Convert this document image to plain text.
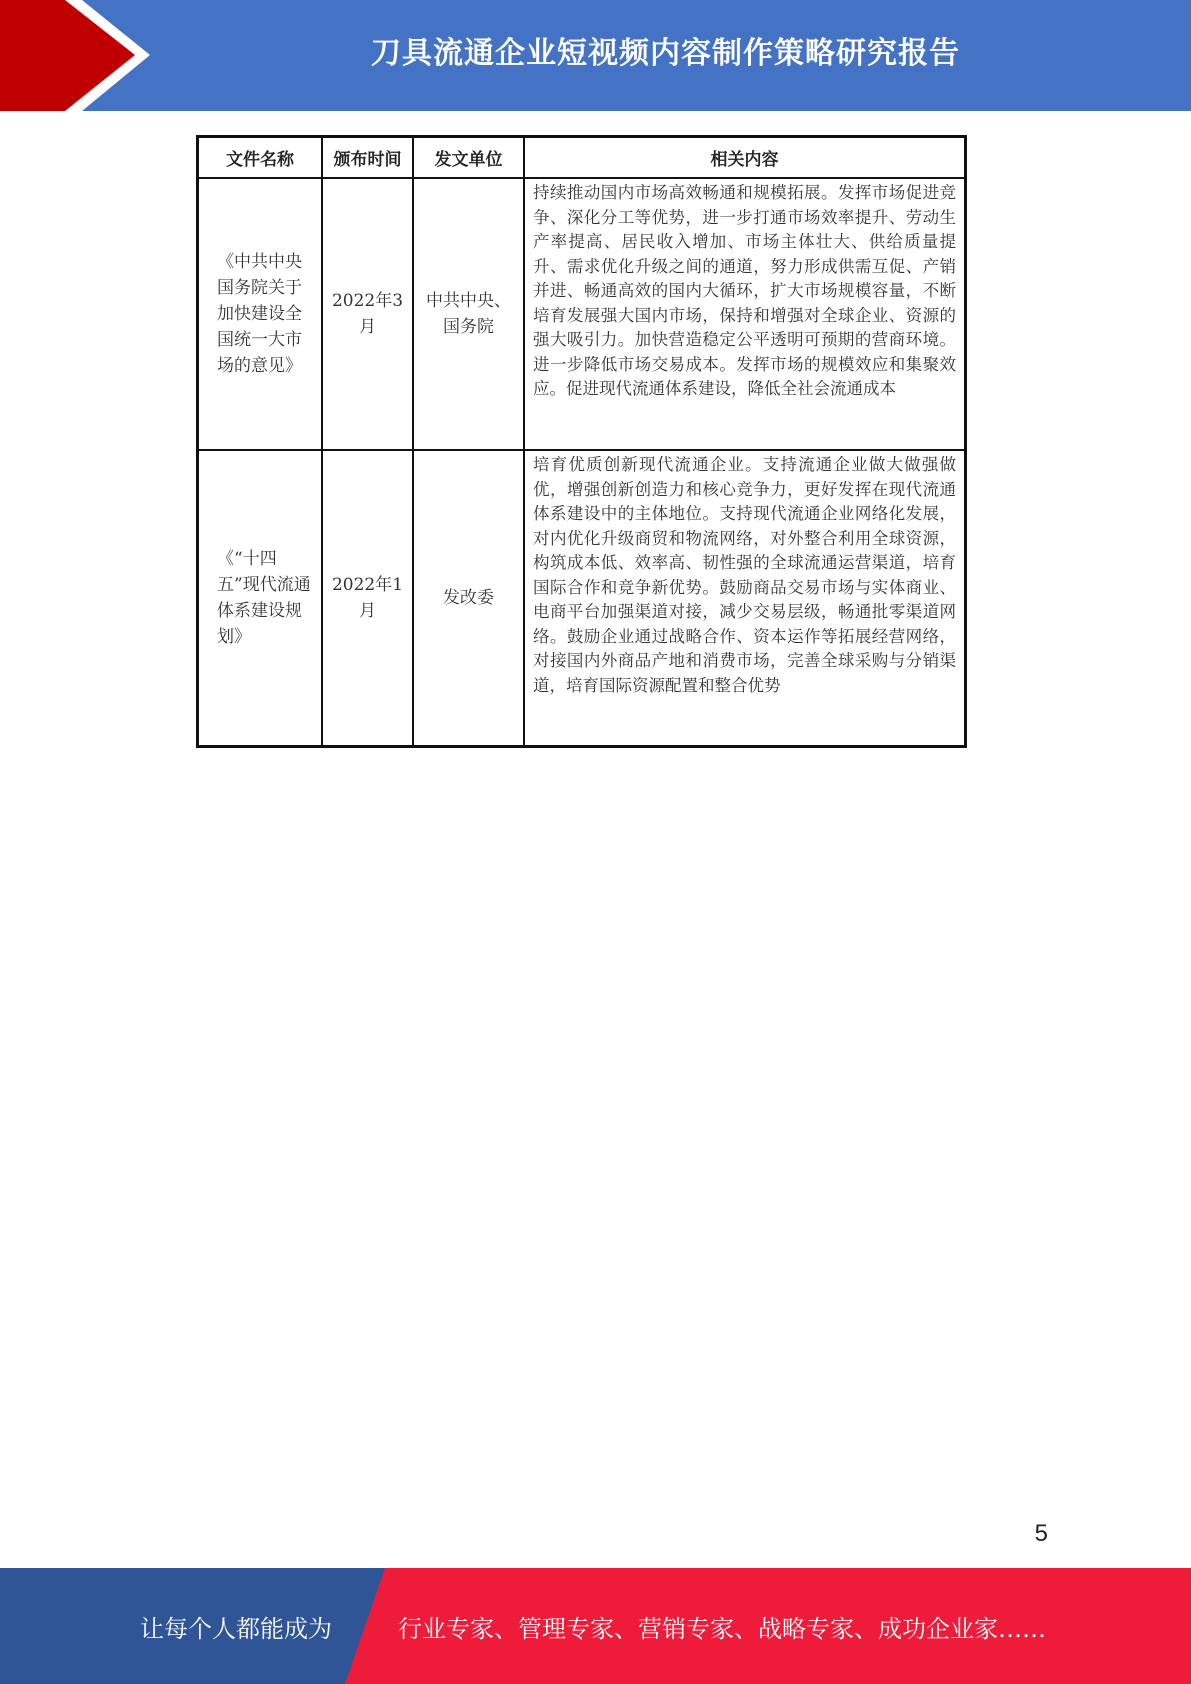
刀具流通企业短视频内容制作策略研究报告
文件名称	颁布时间	发文单位	相关内容
《中共中央国务院关于加快建设全国统一大市场的意见》	2022年3月	中共中央、国务院	持续推动国内市场高效畅通和规模拓展。发挥市场促进竞争、深化分工等优势，进一步打通市场效率提升、劳动生产率提高、居民收入增加、市场主体壮大、供给质量提升、需求优化升级之间的通道，努力形成供需互促、产销并进、畅通高效的国内大循环，扩大市场规模容量，不断培育发展强大国内市场，保持和增强对全球企业、资源的强大吸引力。加快营造稳定公平透明可预期的营商环境。进一步降低市场交易成本。发挥市场的规模效应和集聚效应。促进现代流通体系建设，降低全社会流通成本
《“十四五”现代流通体系建设规划》	2022年1月	发改委	培育优质创新现代流通企业。支持流通企业做大做强做优，增强创新创造力和核心竞争力，更好发挥在现代流通体系建设中的主体地位。支持现代流通企业网络化发展，对内优化升级商贸和物流网络，对外整合利用全球资源，构筑成本低、效率高、韧性强的全球流通运营渠道，培育国际合作和竞争新优势。鼓励商品交易市场与实体商业、电商平台加强渠道对接，减少交易层级，畅通批零渠道网络。鼓励企业通过战略合作、资本运作等拓展经营网络，对接国内外商品产地和消费市场，完善全球采购与分销渠道，培育国际资源配置和整合优势
5
让每个人都能成为	行业专家、管理专家、营销专家、战略专家、成功企业家……
